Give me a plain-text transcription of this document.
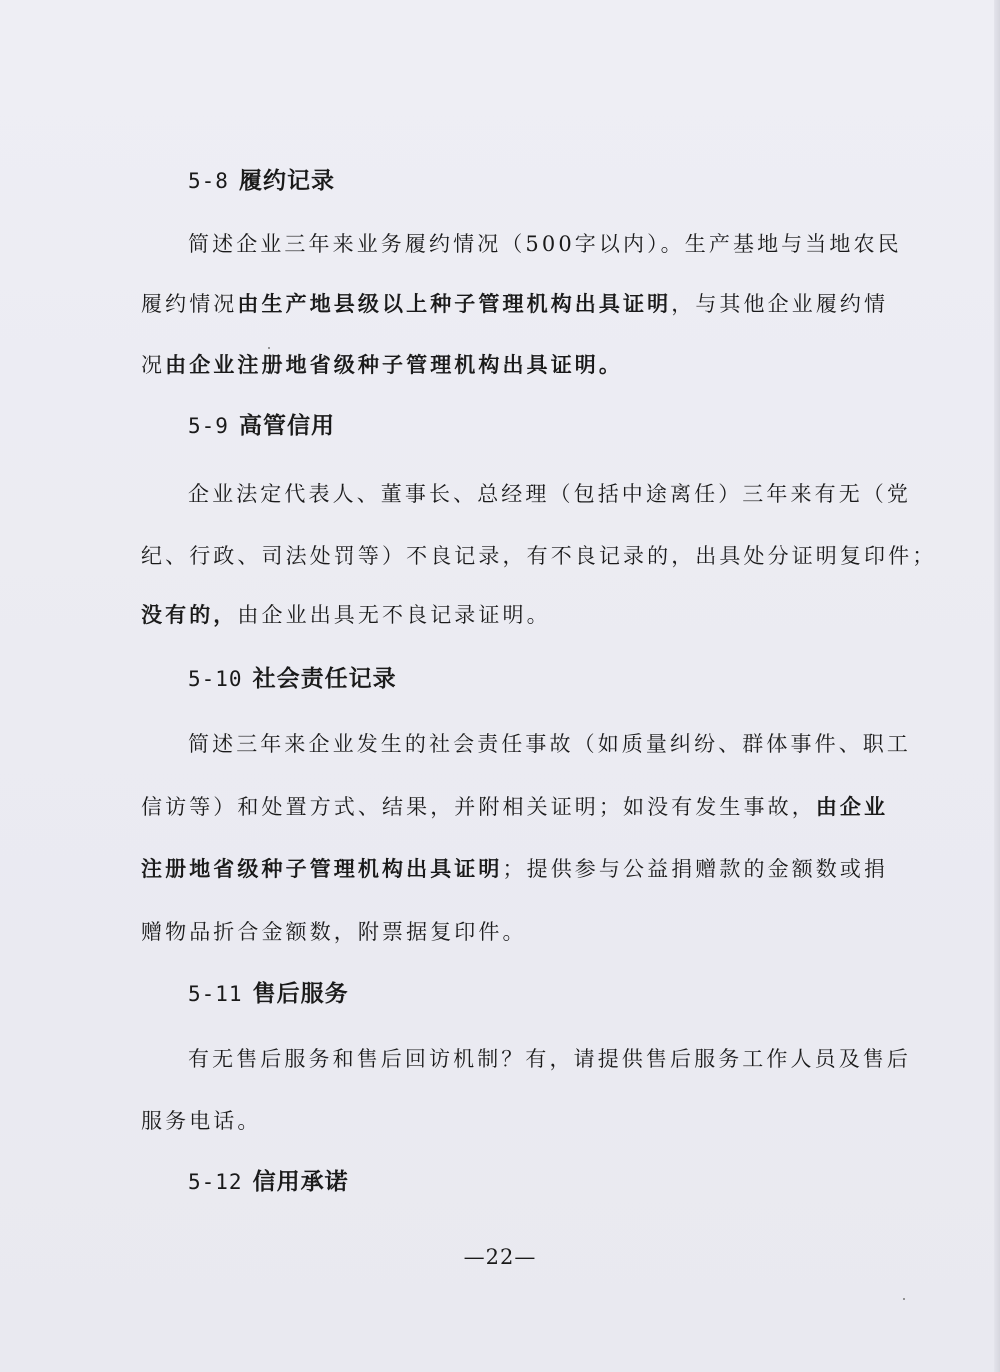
5-8 履约记录
简述企业三年来业务履约情况（500字以内）。生产基地与当地农民
履约情况由生产地县级以上种子管理机构出具证明，与其他企业履约情
况由企业注册地省级种子管理机构出具证明。
5-9 高管信用
企业法定代表人、董事长、总经理（包括中途离任）三年来有无（党
纪、行政、司法处罚等）不良记录，有不良记录的，出具处分证明复印件；
没有的，由企业出具无不良记录证明。
5-10 社会责任记录
简述三年来企业发生的社会责任事故（如质量纠纷、群体事件、职工
信访等）和处置方式、结果，并附相关证明；如没有发生事故，由企业
注册地省级种子管理机构出具证明；提供参与公益捐赠款的金额数或捐
赠物品折合金额数，附票据复印件。
5-11 售后服务
有无售后服务和售后回访机制？有，请提供售后服务工作人员及售后
服务电话。
5-12 信用承诺
—22—
